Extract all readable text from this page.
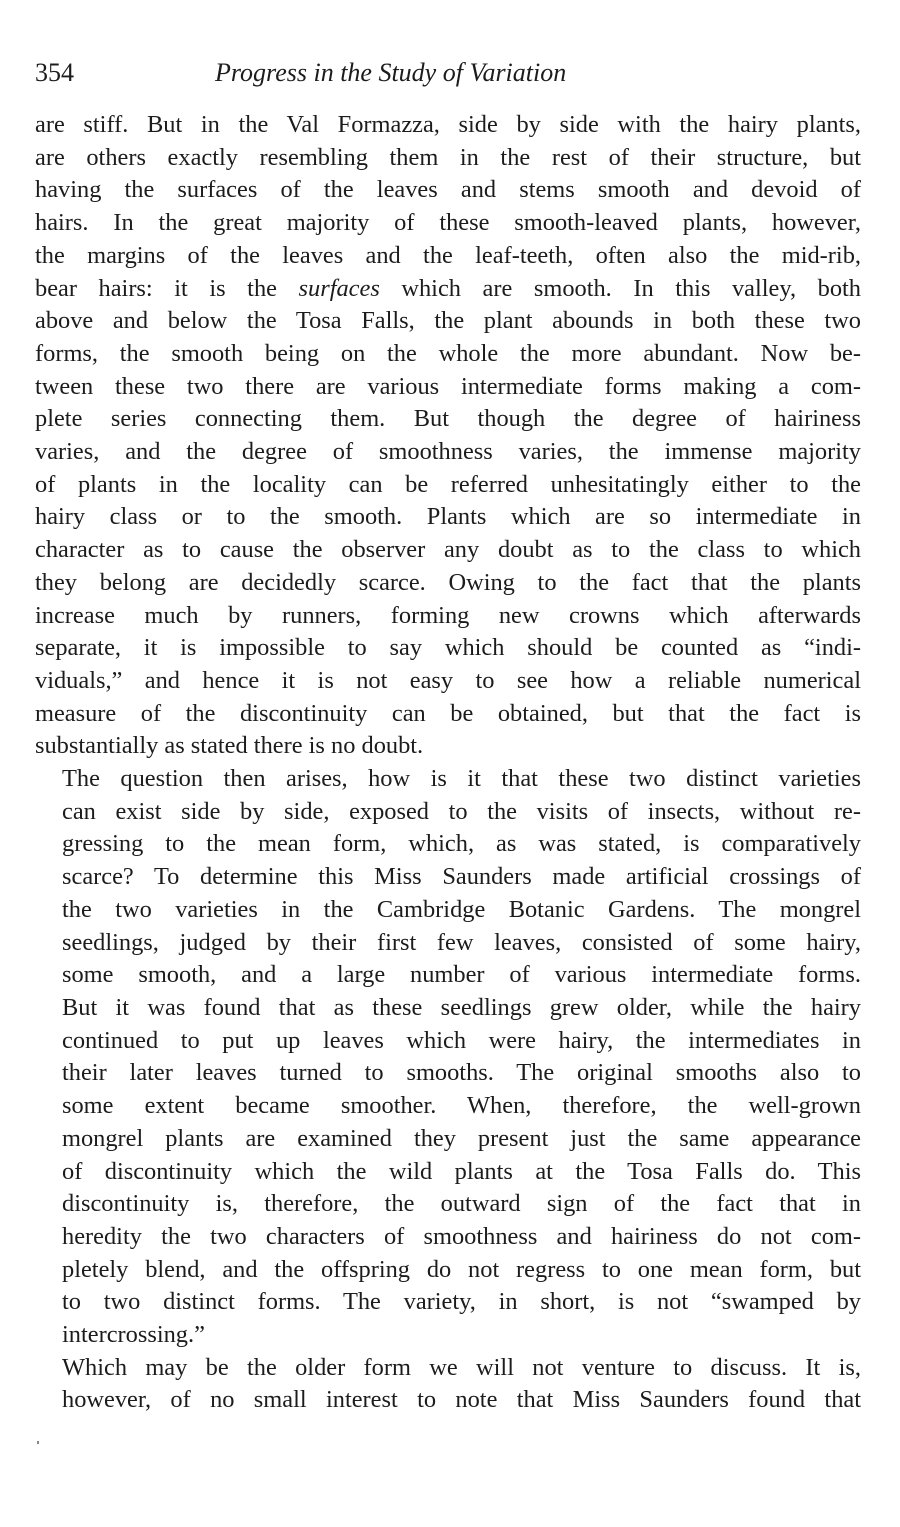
354	Progress in the Study of Variation

are stiff. But in the Val Formazza, side by side with the hairy plants,
are others exactly resembling them in the rest of their structure, but
having the surfaces of the leaves and stems smooth and devoid of
hairs. In the great majority of these smooth-leaved plants, however,
the margins of the leaves and the leaf-teeth, often also the mid-rib,
bear hairs: it is the surfaces which are smooth. In this valley, both
above and below the Tosa Falls, the plant abounds in both these two
forms, the smooth being on the whole the more abundant. Now be-
tween these two there are various intermediate forms making a com-
plete series connecting them. But though the degree of hairiness
varies, and the degree of smoothness varies, the immense majority
of plants in the locality can be referred unhesitatingly either to the
hairy class or to the smooth. Plants which are so intermediate in
character as to cause the observer any doubt as to the class to which
they belong are decidedly scarce. Owing to the fact that the plants
increase much by runners, forming new crowns which afterwards
separate, it is impossible to say which should be counted as “indi-
viduals,” and hence it is not easy to see how a reliable numerical
measure of the discontinuity can be obtained, but that the fact is
substantially as stated there is no doubt.

The question then arises, how is it that these two distinct varieties
can exist side by side, exposed to the visits of insects, without re-
gressing to the mean form, which, as was stated, is comparatively
scarce? To determine this Miss Saunders made artificial crossings of
the two varieties in the Cambridge Botanic Gardens. The mongrel
seedlings, judged by their first few leaves, consisted of some hairy,
some smooth, and a large number of various intermediate forms.
But it was found that as these seedlings grew older, while the hairy
continued to put up leaves which were hairy, the intermediates in
their later leaves turned to smooths. The original smooths also to
some extent became smoother. When, therefore, the well-grown
mongrel plants are examined they present just the same appearance
of discontinuity which the wild plants at the Tosa Falls do. This
discontinuity is, therefore, the outward sign of the fact that in
heredity the two characters of smoothness and hairiness do not com-
pletely blend, and the offspring do not regress to one mean form, but
to two distinct forms. The variety, in short, is not “swamped by
intercrossing.”

Which may be the older form we will not venture to discuss. It is,
however, of no small interest to note that Miss Saunders found that
